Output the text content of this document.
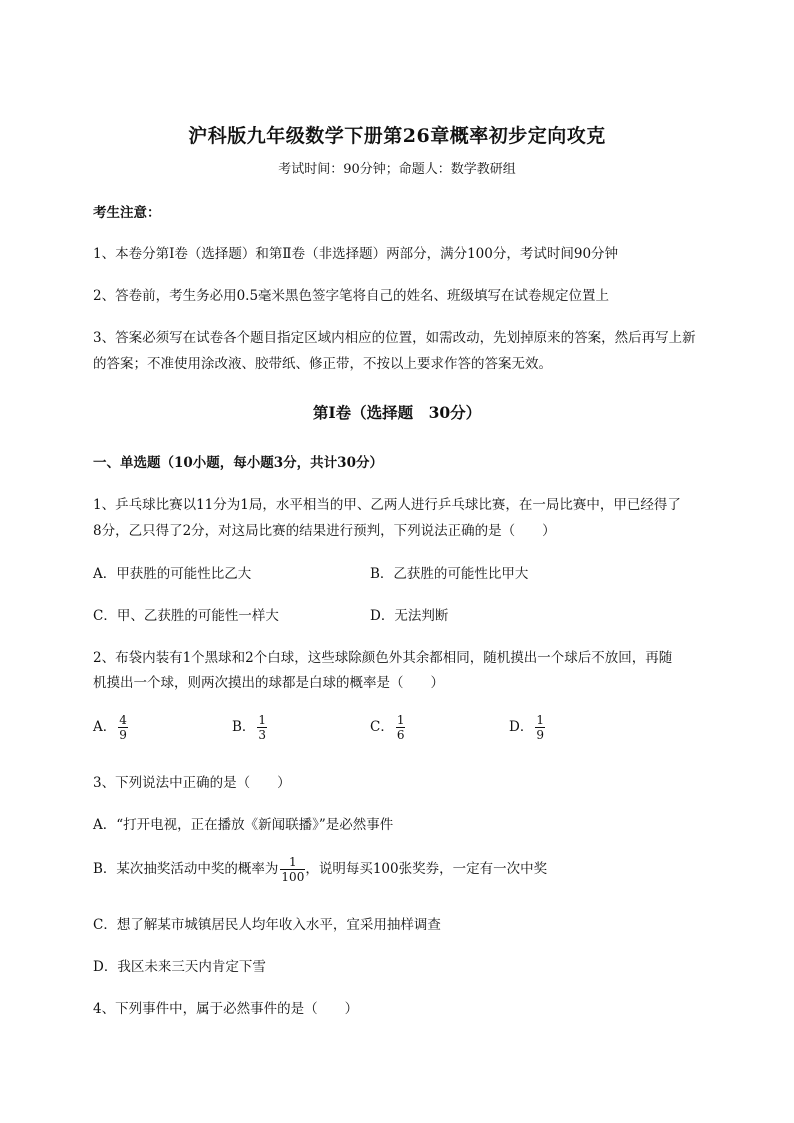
沪科版九年级数学下册第26章概率初步定向攻克
考试时间：90分钟；命题人：数学教研组
考生注意：
1、本卷分第I卷（选择题）和第Ⅱ卷（非选择题）两部分，满分100分，考试时间90分钟
2、答卷前，考生务必用0.5毫米黑色签字笔将自己的姓名、班级填写在试卷规定位置上
3、答案必须写在试卷各个题目指定区域内相应的位置，如需改动，先划掉原来的答案，然后再写上新
的答案；不准使用涂改液、胶带纸、修正带，不按以上要求作答的答案无效。
第I卷（选择题　30分）
一、单选题（10小题，每小题3分，共计30分）
1、乒乓球比赛以11分为1局，水平相当的甲、乙两人进行乒乓球比赛，在一局比赛中，甲已经得了
8分，乙只得了2分，对这局比赛的结果进行预判，下列说法正确的是（　　）
A．甲获胜的可能性比乙大	B．乙获胜的可能性比甲大
C．甲、乙获胜的可能性一样大	D．无法判断
2、布袋内装有1个黑球和2个白球，这些球除颜色外其余都相同，随机摸出一个球后不放回，再随
机摸出一个球，则两次摸出的球都是白球的概率是（　　）
A． $\frac{4}{9}$	B． $\frac{1}{3}$	C． $\frac{1}{6}$	D． $\frac{1}{9}$
3、下列说法中正确的是（　　）
A．“打开电视，正在播放《新闻联播》”是必然事件
B．某次抽奖活动中奖的概率为 $\frac{1}{100}$ ，说明每买100张奖券，一定有一次中奖
C．想了解某市城镇居民人均年收入水平，宜采用抽样调查
D．我区未来三天内肯定下雪
4、下列事件中，属于必然事件的是（　　）
